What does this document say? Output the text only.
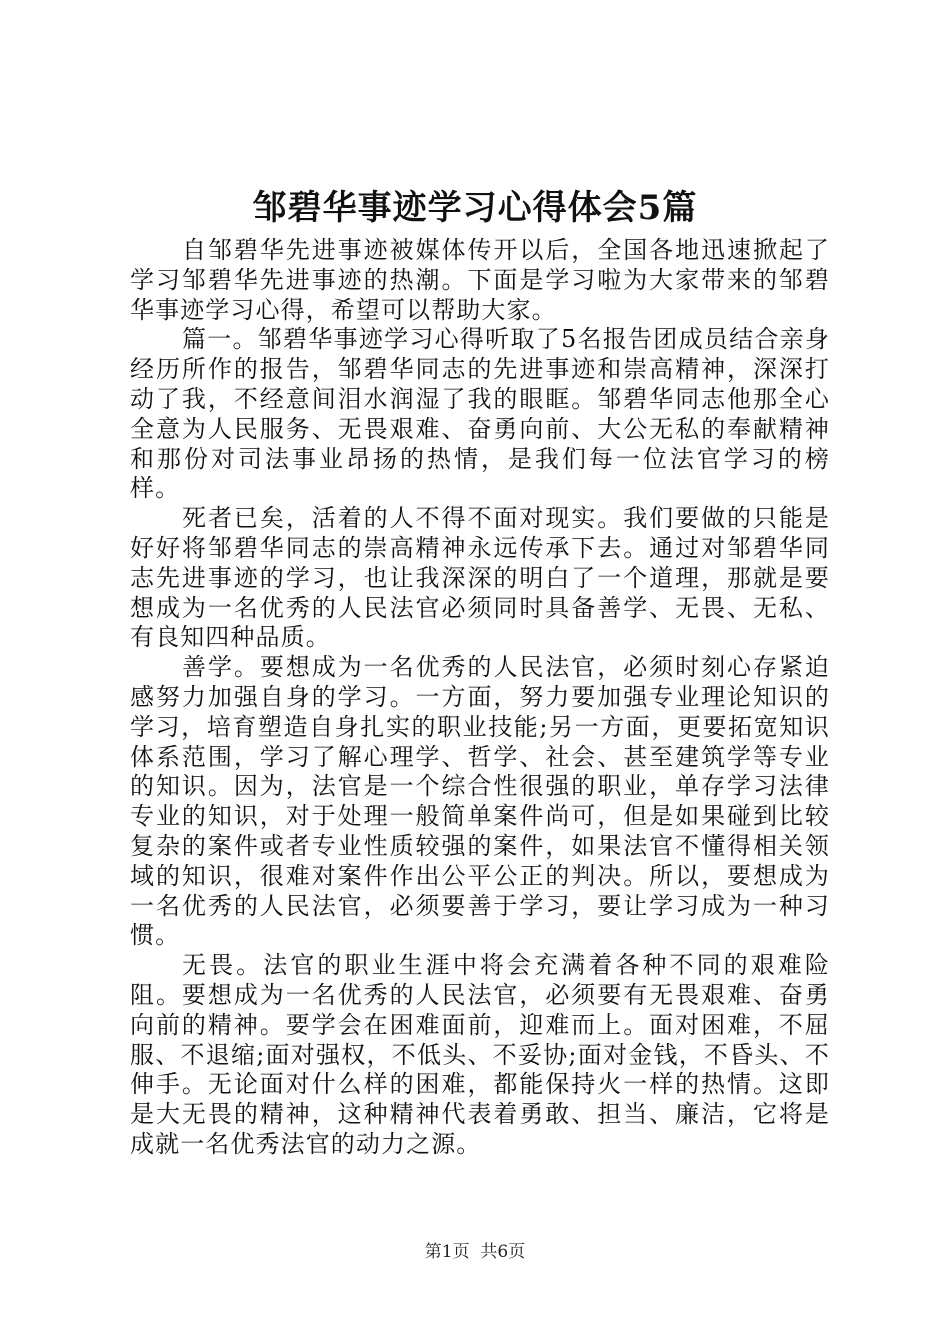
邹碧华事迹学习心得体会5篇

自邹碧华先进事迹被媒体传开以后，全国各地迅速掀起了学习邹碧华先进事迹的热潮。下面是学习啦为大家带来的邹碧华事迹学习心得，希望可以帮助大家。

篇一。邹碧华事迹学习心得听取了5名报告团成员结合亲身经历所作的报告，邹碧华同志的先进事迹和崇高精神，深深打动了我，不经意间泪水润湿了我的眼眶。邹碧华同志他那全心全意为人民服务、无畏艰难、奋勇向前、大公无私的奉献精神和那份对司法事业昂扬的热情，是我们每一位法官学习的榜样。

死者已矣，活着的人不得不面对现实。我们要做的只能是好好将邹碧华同志的崇高精神永远传承下去。通过对邹碧华同志先进事迹的学习，也让我深深的明白了一个道理，那就是要想成为一名优秀的人民法官必须同时具备善学、无畏、无私、有良知四种品质。

善学。要想成为一名优秀的人民法官，必须时刻心存紧迫感努力加强自身的学习。一方面，努力要加强专业理论知识的学习，培育塑造自身扎实的职业技能;另一方面，更要拓宽知识体系范围，学习了解心理学、哲学、社会、甚至建筑学等专业的知识。因为，法官是一个综合性很强的职业，单存学习法律专业的知识，对于处理一般简单案件尚可，但是如果碰到比较复杂的案件或者专业性质较强的案件，如果法官不懂得相关领域的知识，很难对案件作出公平公正的判决。所以，要想成为一名优秀的人民法官，必须要善于学习，要让学习成为一种习惯。

无畏。法官的职业生涯中将会充满着各种不同的艰难险阻。要想成为一名优秀的人民法官，必须要有无畏艰难、奋勇向前的精神。要学会在困难面前，迎难而上。面对困难，不屈服、不退缩;面对强权，不低头、不妥协;面对金钱，不昏头、不伸手。无论面对什么样的困难，都能保持火一样的热情。这即是大无畏的精神，这种精神代表着勇敢、担当、廉洁，它将是成就一名优秀法官的动力之源。

第1页 共6页
